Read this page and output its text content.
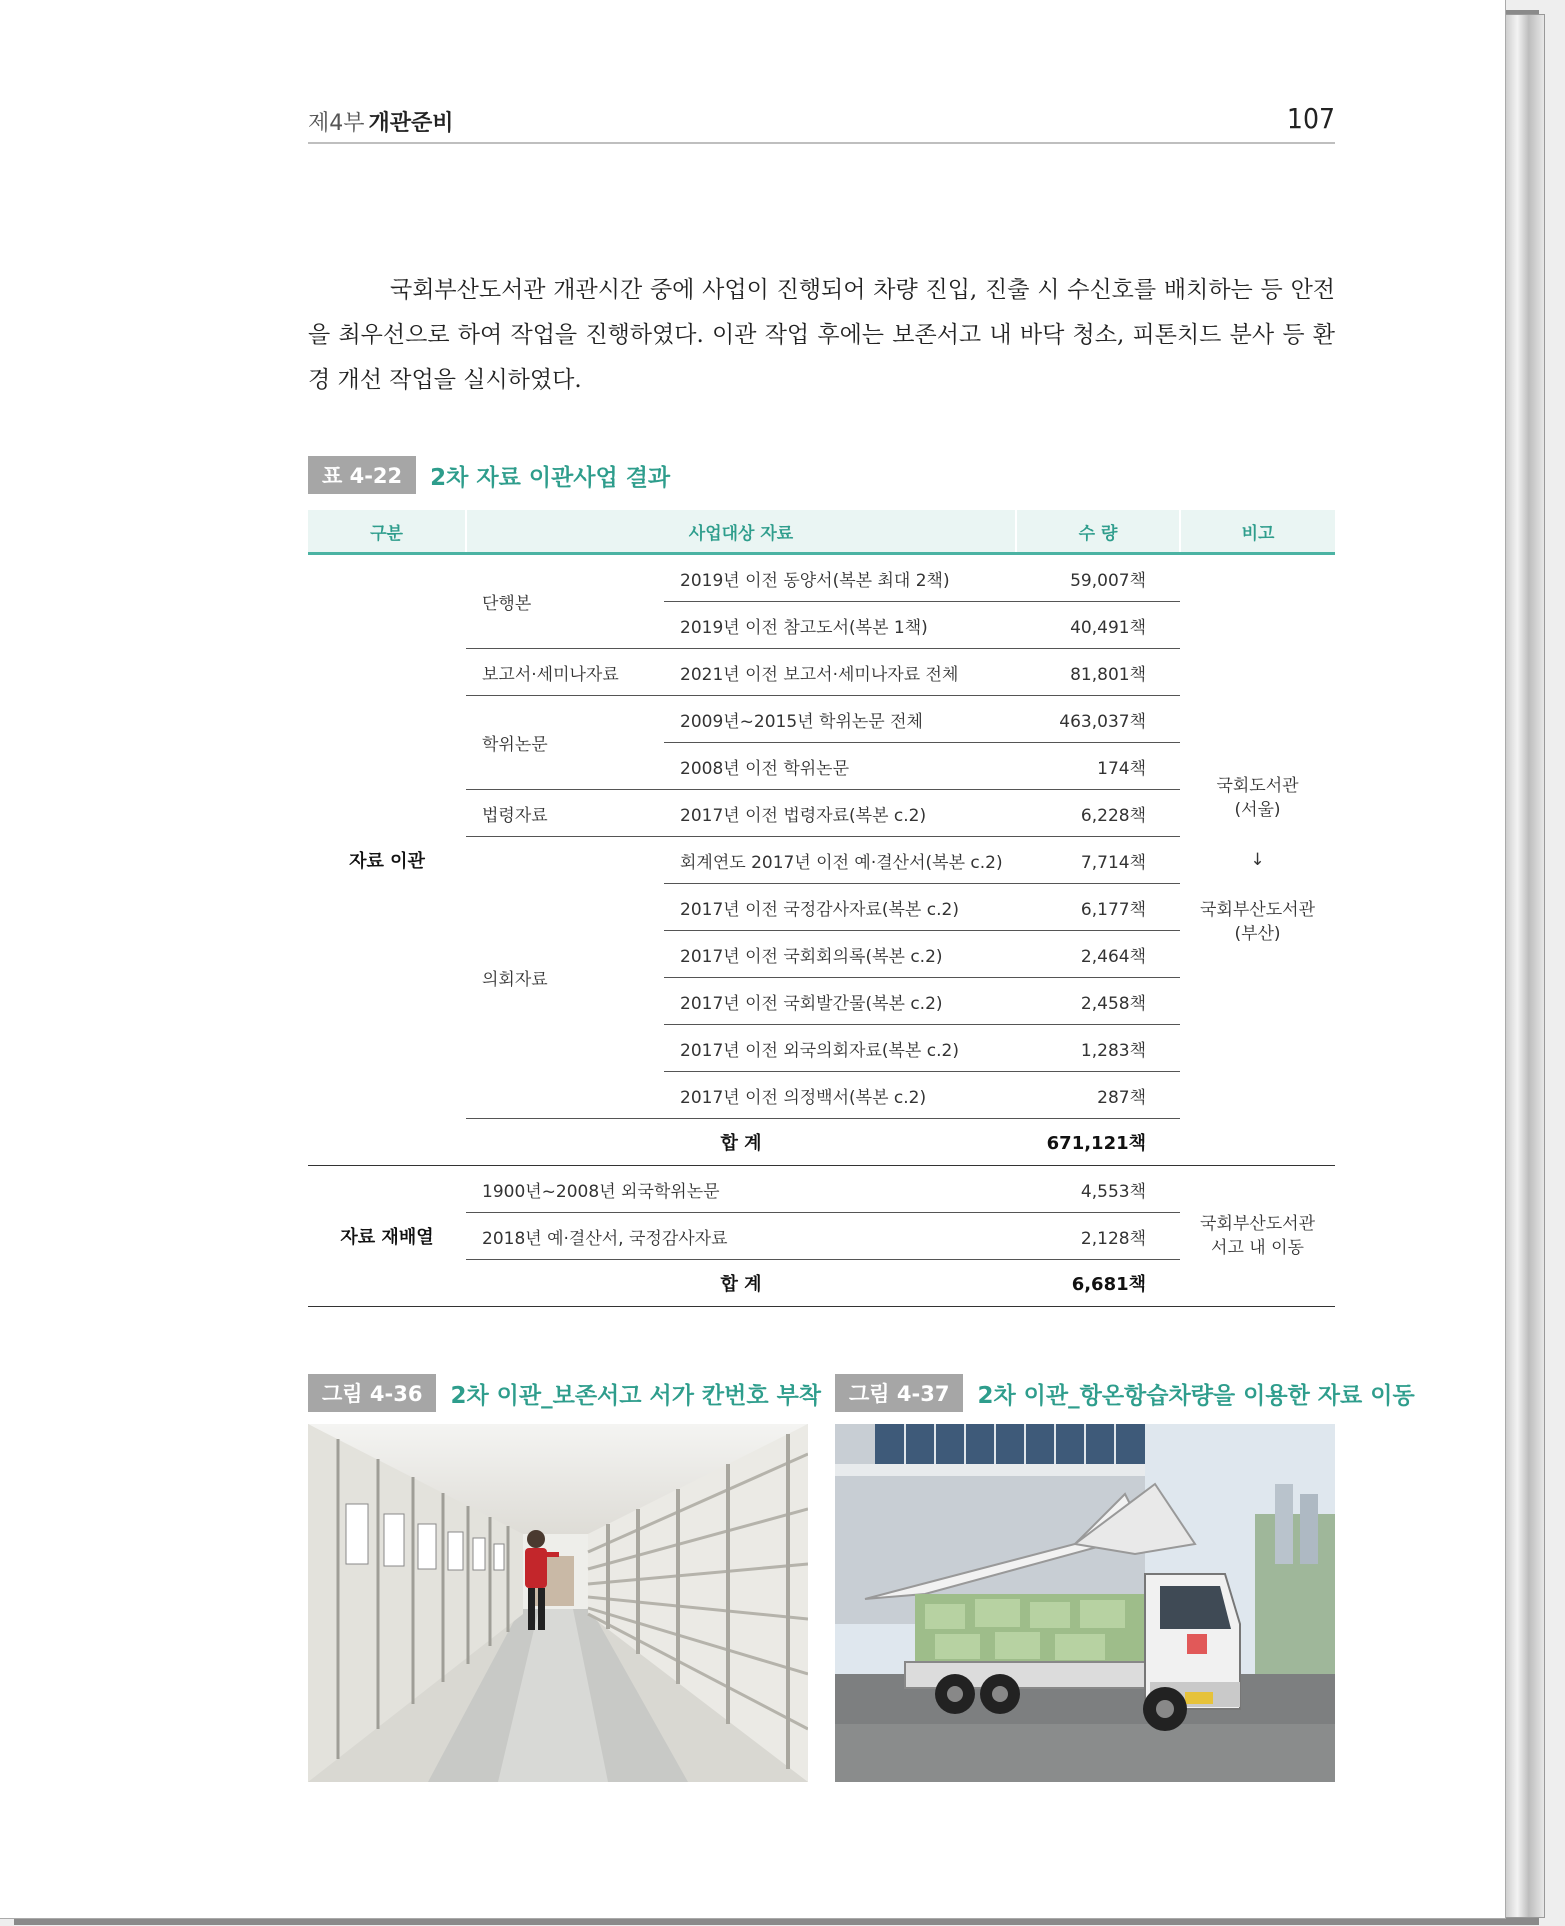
제4부 개관준비	107

국회부산도서관 개관시간 중에 사업이 진행되어 차량 진입, 진출 시 수신호를 배치하는 등 안전을 최우선으로 하여 작업을 진행하였다. 이관 작업 후에는 보존서고 내 바닥 청소, 피톤치드 분사 등 환경 개선 작업을 실시하였다.

표 4-22 2차 자료 이관사업 결과
구분	사업대상 자료		수 량	비고
자료 이관	단행본	2019년 이전 동양서(복본 최대 2책)	59,007책	국회도서관
(서울)
↓
국회부산도서관
(부산)

		2019년 이전 참고도서(복본 1책)	40,491책	
	보고서·세미나자료	2021년 이전 보고서·세미나자료 전체	81,801책	
	학위논문	2009년~2015년 학위논문 전체	463,037책	
		2008년 이전 학위논문	174책	
	법령자료	2017년 이전 법령자료(복본 c.2)	6,228책	
	의회자료	회계연도 2017년 이전 예·결산서(복본 c.2)	7,714책	
		2017년 이전 국정감사자료(복본 c.2)	6,177책	
		2017년 이전 국회회의록(복본 c.2)	2,464책	
		2017년 이전 국회발간물(복본 c.2)	2,458책	
		2017년 이전 외국의회자료(복본 c.2)	1,283책	
		2017년 이전 의정백서(복본 c.2)	287책	
	합 계		671,121책	
자료 재배열	1900년~2008년 외국학위논문		4,553책	국회부산도서관
서고 내 이동

	2018년 예·결산서, 국정감사자료		2,128책	
	합 계		6,681책	
그림 4-36 2차 이관_보존서고 서가 칸번호 부착	그림 4-37 2차 이관_항온항습차량을 이용한 자료 이동
